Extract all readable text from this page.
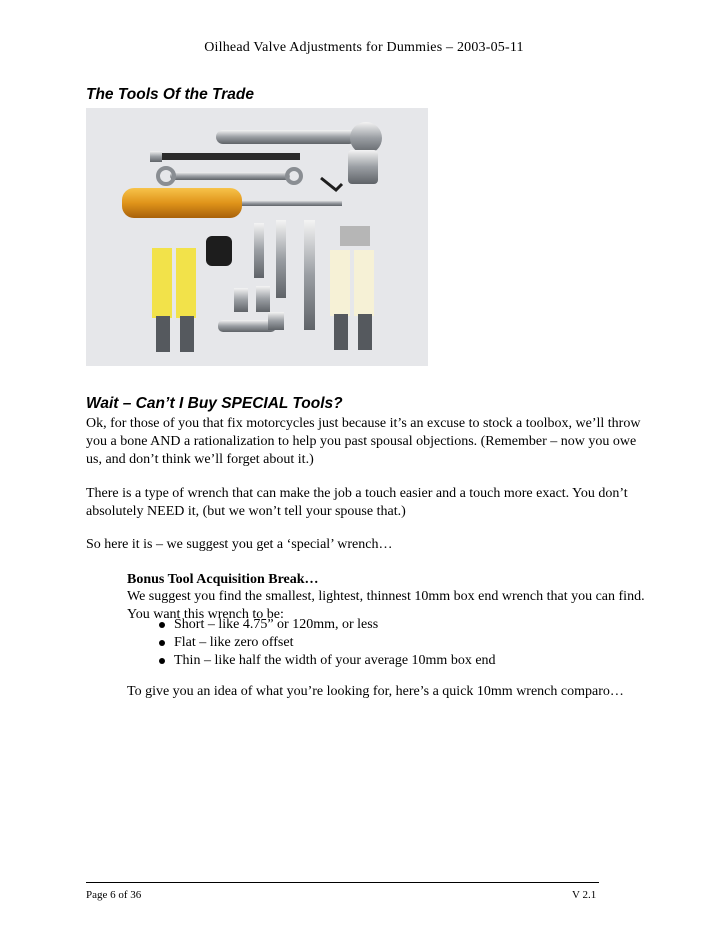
Oilhead Valve Adjustments for Dummies – 2003-05-11
The Tools Of the Trade
Wait – Can’t I Buy SPECIAL Tools?
Ok, for those of you that fix motorcycles just because it’s an excuse to stock a toolbox, we’ll throw you a bone AND a rationalization to help you past spousal objections. (Remember – now you owe us, and don’t think we’ll forget about it.)
There is a type of wrench that can make the job a touch easier and a touch more exact. You don’t absolutely NEED it, (but we won’t tell your spouse that.)
So here it is – we suggest you get a ‘special’ wrench…
Bonus Tool Acquisition Break…
We suggest you find the smallest, lightest, thinnest 10mm box end wrench that you can find. You want this wrench to be:
Short – like 4.75” or 120mm, or less
Flat – like zero offset
Thin – like half the width of your average 10mm box end
To give you an idea of what you’re looking for, here’s a quick 10mm wrench comparo…
Page 6 of 36	V 2.1
